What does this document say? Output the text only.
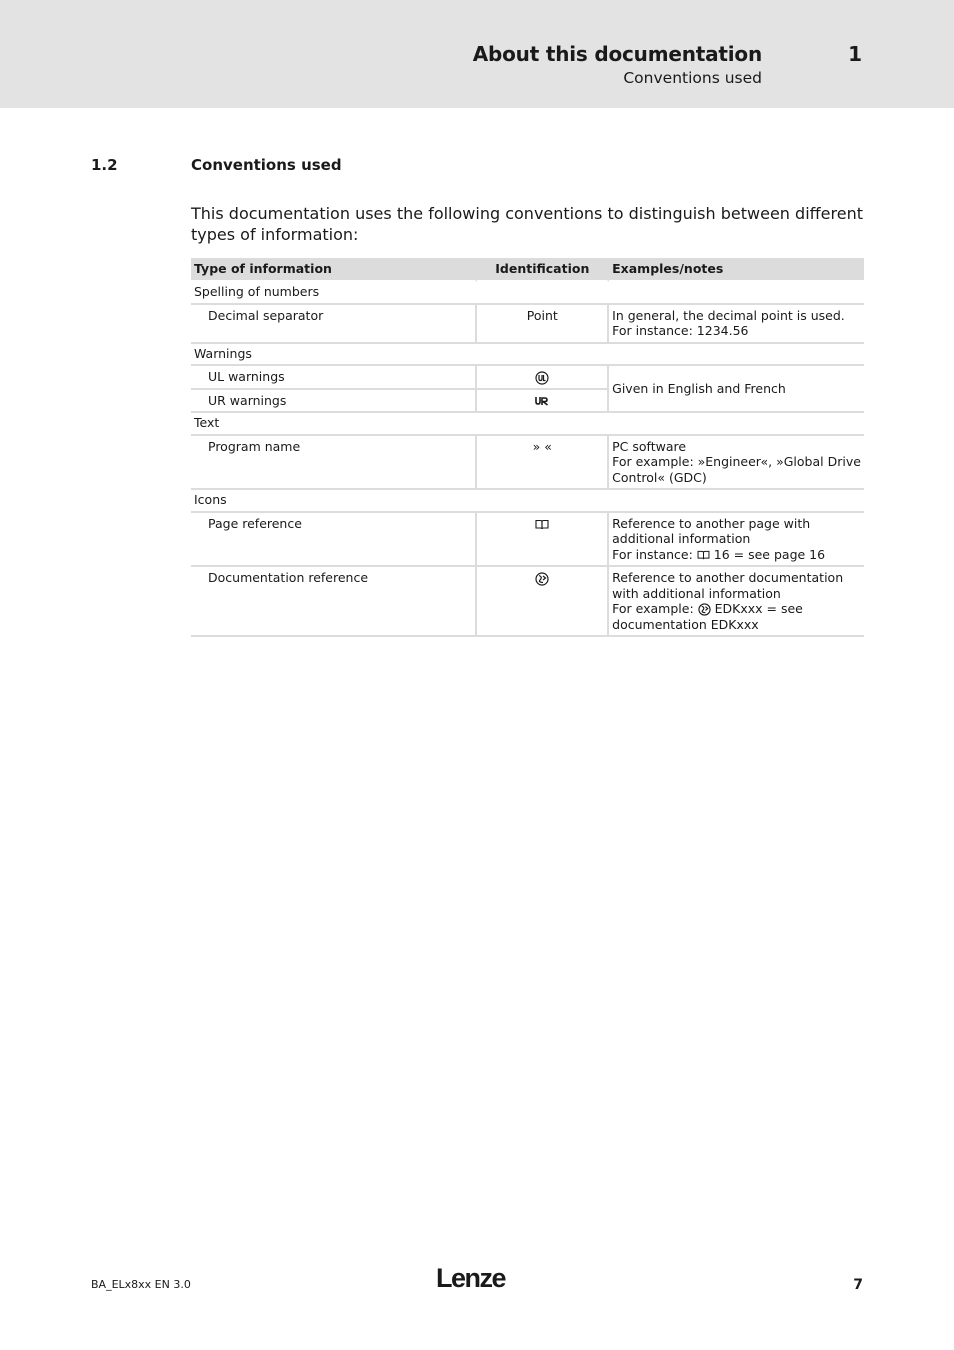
About this documentation
Conventions used
1
1.2	Conventions used

This documentation uses the following conventions to distinguish between different types of information:

Type of information	Identification	Examples/notes
Spelling of numbers		
Decimal separator	Point	In general, the decimal point is used.
For instance: 1234.56

Warnings		
UL warnings		Given in English and French
UR warnings	
Text		
Program name	» «	PC software
For example: »Engineer«, »Global Drive Control« (GDC)

Icons		
Page reference		Reference to another page with additional information
For instance: 16 = see page 16

Documentation reference		Reference to another documentation with additional information
For example: EDKxxx = see documentation EDKxxx
BA_ELx8xx EN 3.0	Lenze	7
